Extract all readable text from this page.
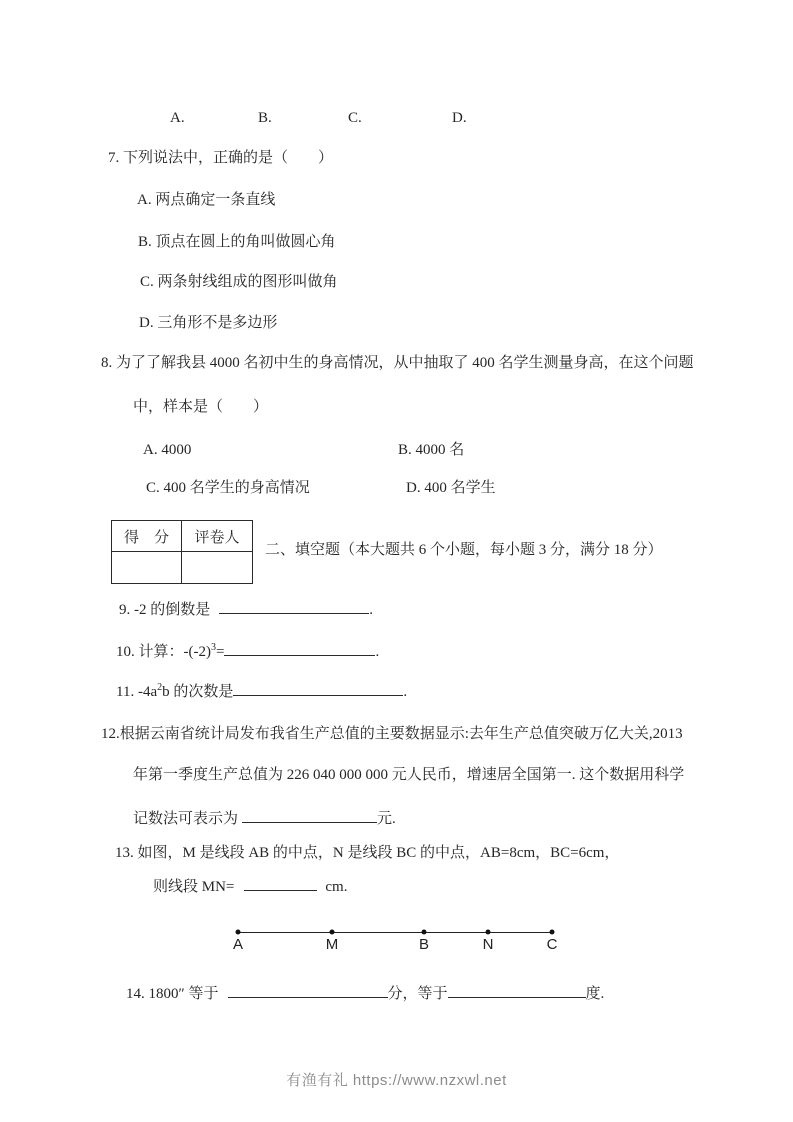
A.	B.	C.	D.
7. 下列说法中，正确的是（　　）
A. 两点确定一条直线
B. 顶点在圆上的角叫做圆心角
C. 两条射线组成的图形叫做角
D. 三角形不是多边形
8. 为了了解我县 4000 名初中生的身高情况，从中抽取了 400 名学生测量身高，在这个问题
中，样本是（　　）
A. 4000	B. 4000 名
C. 400 名学生的身高情况	D. 400 名学生
得　分	评卷人

二、填空题（本大题共 6 个小题，每小题 3 分，满分 18 分）
9. -2 的倒数是	.
10. 计算：$-(-2)^3=$	.
11. $-4a^2b$ 的次数是	.
12.根据云南省统计局发布我省生产总值的主要数据显示:去年生产总值突破万亿大关,2013
年第一季度生产总值为 226 040 000 000 元人民币，增速居全国第一. 这个数据用科学
记数法可表示为	元.
13. 如图，M 是线段 AB 的中点，N 是线段 BC 的中点，AB=8cm，BC=6cm，
则线段 MN=	cm.
A	M	B	N	C
14. 1800″ 等于	分，等于	度.
有渔有礼 https://www.nzxwl.net
